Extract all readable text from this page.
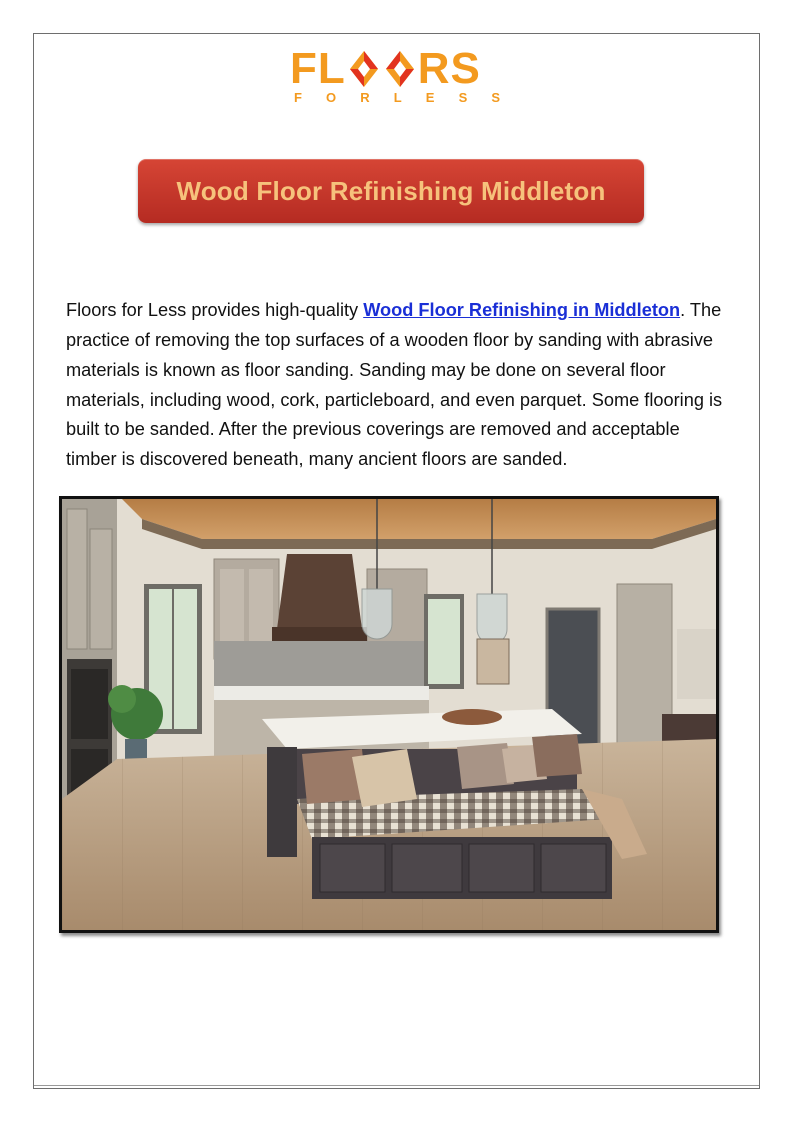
FL RS
F O R L E S S
Wood Floor Refinishing Middleton

Floors for Less provides high-quality Wood Floor Refinishing in Middleton. The practice of removing the top surfaces of a wooden floor by sanding with abrasive materials is known as floor sanding. Sanding may be done on several floor materials, including wood, cork, particleboard, and even parquet. Some flooring is built to be sanded. After the previous coverings are removed and acceptable timber is discovered beneath, many ancient floors are sanded.
